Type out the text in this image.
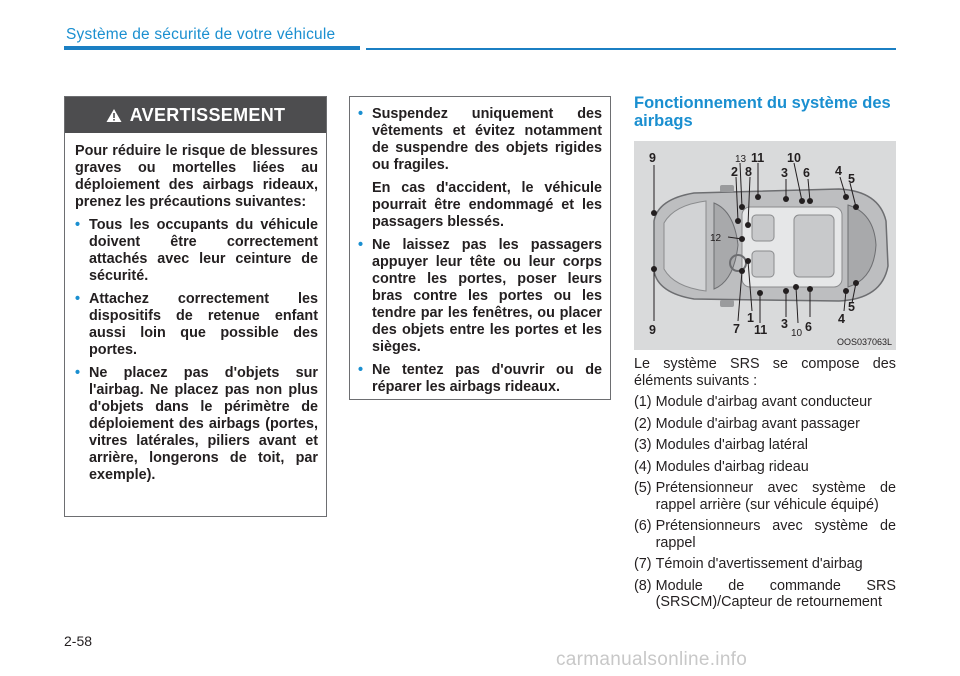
Système de sécurité de votre véhicule
AVERTISSEMENT

Pour réduire le risque de blessures graves ou mortelles liées au déploiement des airbags rideaux, prenez les précautions suivantes:

• Tous les occupants du véhicule doivent être correctement attachés avec leur ceinture de sécurité.
• Attachez correctement les dispositifs de retenue enfant aussi loin que possible des portes.
• Ne placez pas d'objets sur l'airbag. Ne placez pas non plus d'objets dans le périmètre de déploiement des airbags (portes, vitres latérales, piliers avant et arrière, longerons de toit, par exemple).
• Suspendez uniquement des vêtements et évitez notamment de suspendre des objets rigides ou fragiles.

En cas d'accident, le véhicule pourrait être endommagé et les passagers blessés.

• Ne laissez pas les passagers appuyer leur tête ou leur corps contre les portes, poser leurs bras contre les portes ou les tendre par les fenêtres, ou placer des objets entre les portes et les sièges.
• Ne tentez pas d'ouvrir ou de réparer les airbags rideaux.
Fonctionnement du système des airbags
9	13 11 10
2 8 3 6 4
5
12
9	7
1
11 3
10 6
4
5
OOS037063L

Le système SRS se compose des éléments suivants :

(1) Module d'airbag avant conducteur
(2) Module d'airbag avant passager
(3) Modules d'airbag latéral
(4) Modules d'airbag rideau
(5) Prétensionneur avec système de rappel arrière (sur véhicule équipé)
(6) Prétensionneurs avec système de rappel
(7) Témoin d'avertissement d'airbag
(8) Module de commande SRS (SRSCM)/Capteur de retournement
2-58
carmanualsonline.info
